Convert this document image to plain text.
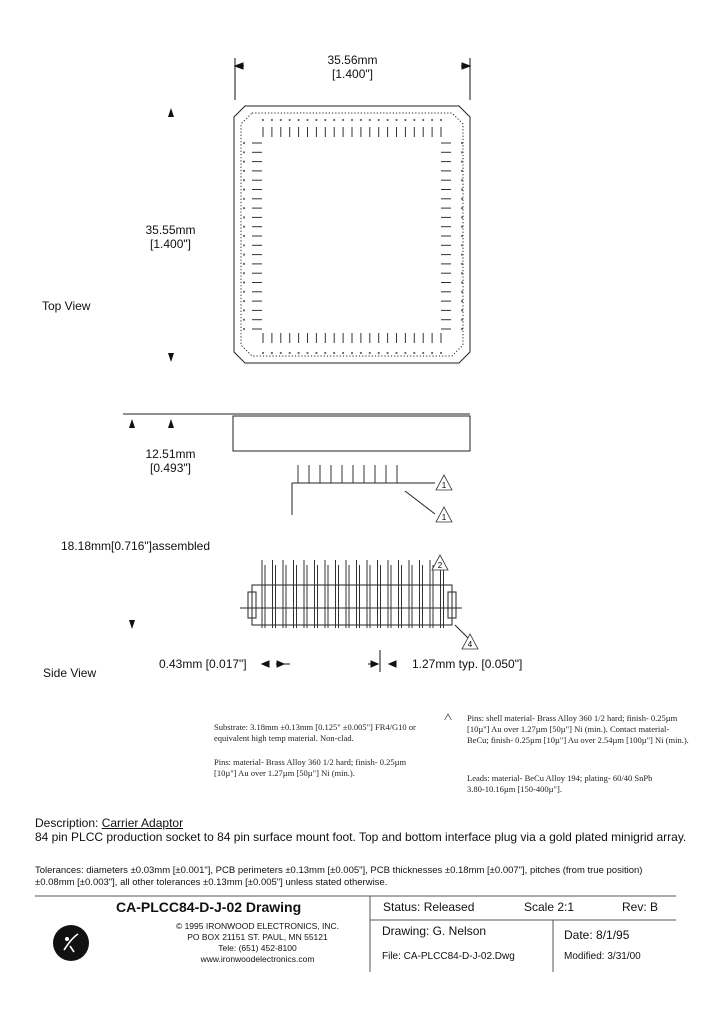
1
1
2
4
35.56mm
[1.400"]
35.55mm
[1.400"]
Top View
12.51mm
[0.493"]
18.18mm[0.716"]assembled
0.43mm [0.017"]	1.27mm typ. [0.050"]
Side View
Substrate: 3.18mm ±0.13mm [0.125" ±0.005"] FR4/G10 or equivalent high temp material. Non-clad.
Pins: material- Brass Alloy 360 1/2 hard; finish- 0.25µm [10µ"] Au over 1.27µm [50µ"] Ni (min.).
Pins: shell material- Brass Alloy 360 1/2 hard; finish- 0.25µm [10µ"] Au over 1.27µm [50µ"] Ni (min.). Contact material- BeCu; finish- 0.25µm [10µ"] Au over 2.54µm [100µ"] Ni (min.).
Leads: material- BeCu Alloy 194; plating- 60/40 SnPb 3.80-10.16µm [150-400µ"].
Description: Carrier Adaptor
84 pin PLCC production socket to 84 pin surface mount foot. Top and bottom interface plug via a gold plated minigrid array.
Tolerances: diameters ±0.03mm [±0.001"], PCB perimeters ±0.13mm [±0.005"], PCB thicknesses ±0.18mm [±0.007"], pitches (from true position)
±0.08mm [±0.003"], all other tolerances ±0.13mm [±0.005"] unless stated otherwise.
CA-PLCC84-D-J-02 Drawing	Status: Released	Scale 2:1	Rev: B
© 1995 IRONWOOD ELECTRONICS, INC.
PO BOX 21151 ST. PAUL, MN 55121
Tele: (651) 452-8100
www.ironwoodelectronics.com
Drawing: G. Nelson	Date: 8/1/95
File: CA-PLCC84-D-J-02.Dwg	Modified: 3/31/00
